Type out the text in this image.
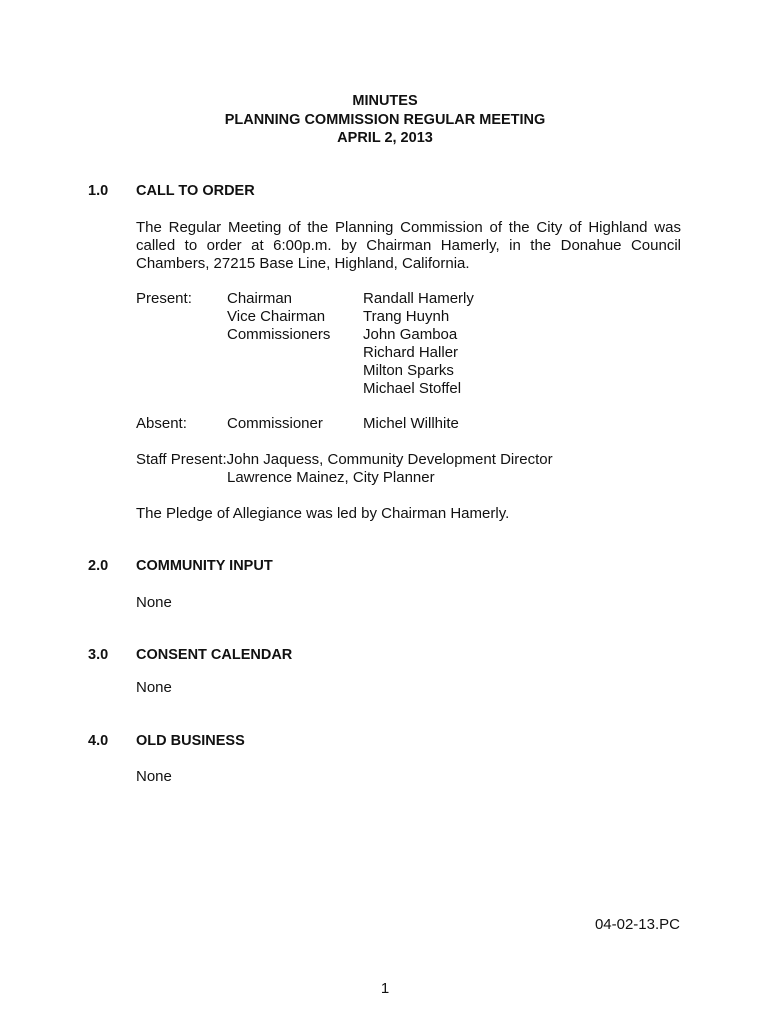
MINUTES
PLANNING COMMISSION REGULAR MEETING
APRIL 2, 2013
1.0 CALL TO ORDER
The Regular Meeting of the Planning Commission of the City of Highland was
called to order at 6:00p.m. by Chairman Hamerly, in the Donahue Council
Chambers, 27215 Base Line, Highland, California.
Present: Chairman
Vice Chairman
Commissioners
Randall Hamerly
Trang Huynh
John Gamboa
Richard Haller
Milton Sparks
Michael Stoffel
Absent:	Commissioner	Michel Willhite
Staff Present:John Jaquess, Community Development Director
Lawrence Mainez, City Planner
The Pledge of Allegiance was led by Chairman Hamerly.
2.0 COMMUNITY INPUT
None
3.0 CONSENT CALENDAR
None
4.0 OLD BUSINESS
None
04-02-13.PC
1
